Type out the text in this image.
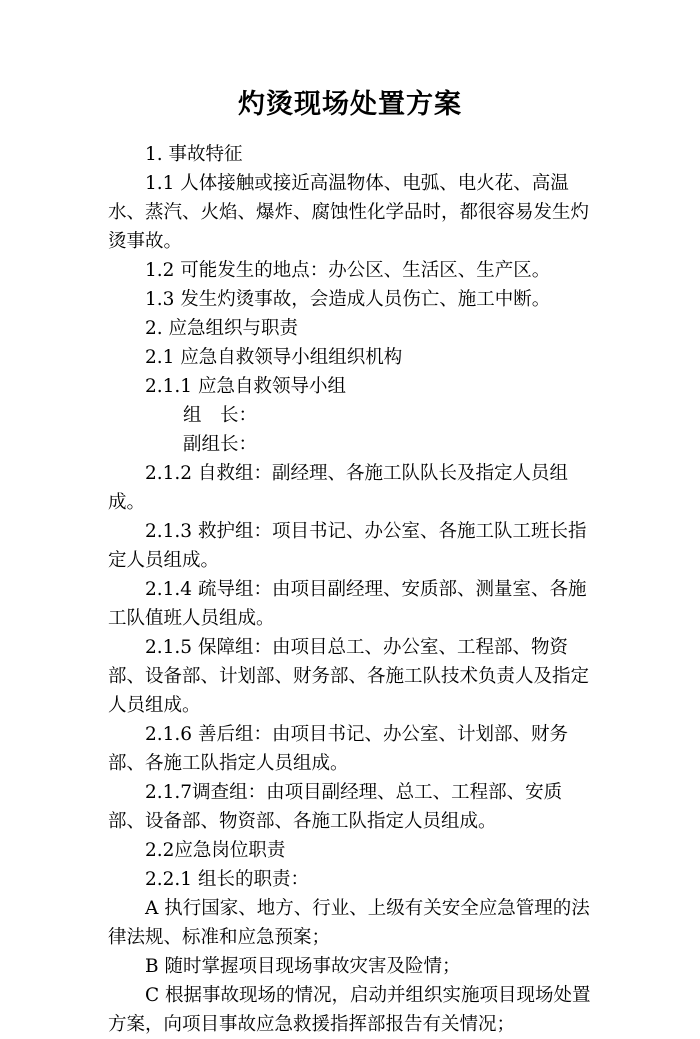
灼烫现场处置方案

1. 事故特征

1.1 人体接触或接近高温物体、电弧、电火花、高温水、蒸汽、火焰、爆炸、腐蚀性化学品时，都很容易发生灼烫事故。

1.2 可能发生的地点：办公区、生活区、生产区。

1.3 发生灼烫事故，会造成人员伤亡、施工中断。

2. 应急组织与职责

2.1 应急自救领导小组组织机构

2.1.1 应急自救领导小组

组　长：

副组长：

2.1.2 自救组：副经理、各施工队队长及指定人员组成。

2.1.3 救护组：项目书记、办公室、各施工队工班长指定人员组成。

2.1.4 疏导组：由项目副经理、安质部、测量室、各施工队值班人员组成。

2.1.5 保障组：由项目总工、办公室、工程部、物资部、设备部、计划部、财务部、各施工队技术负责人及指定人员组成。

2.1.6 善后组：由项目书记、办公室、计划部、财务部、各施工队指定人员组成。

2.1.7调查组：由项目副经理、总工、工程部、安质部、设备部、物资部、各施工队指定人员组成。

2.2应急岗位职责

2.2.1 组长的职责：

A 执行国家、地方、行业、上级有关安全应急管理的法律法规、标准和应急预案；

B 随时掌握项目现场事故灾害及险情；

C 根据事故现场的情况，启动并组织实施项目现场处置方案，向项目事故应急救援指挥部报告有关情况；
